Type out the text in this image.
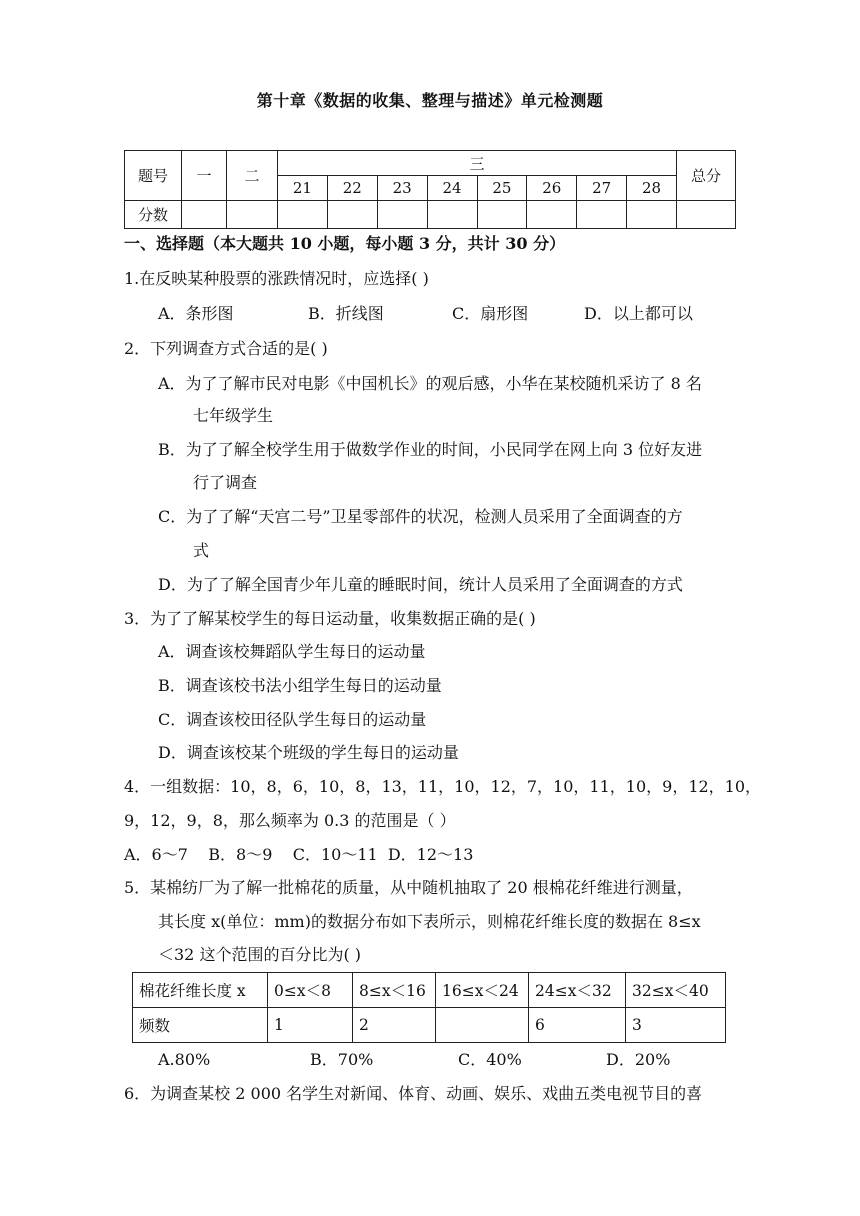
第十章《数据的收集、整理与描述》单元检测题
题号	一	二	三								总分
			21	22	23	24	25	26	27	28	
分数											
一、选择题（本大题共 10 小题，每小题 3 分，共计 30 分）
1.在反映某种股票的涨跌情况时，应选择( )
A．条形图	B．折线图	C．扇形图	D．以上都可以
2．下列调查方式合适的是( )
A．为了了解市民对电影《中国机长》的观后感，小华在某校随机采访了 8 名
七年级学生
B．为了了解全校学生用于做数学作业的时间，小民同学在网上向 3 位好友进
行了调查
C．为了了解“天宫二号”卫星零部件的状况，检测人员采用了全面调查的方
式
D．为了了解全国青少年儿童的睡眠时间，统计人员采用了全面调查的方式
3．为了了解某校学生的每日运动量，收集数据正确的是( )
A．调查该校舞蹈队学生每日的运动量
B．调查该校书法小组学生每日的运动量
C．调查该校田径队学生每日的运动量
D．调查该校某个班级的学生每日的运动量
4．一组数据：10，8，6，10，8，13，11，10，12，7，10，11，10，9，12，10，
9，12，9，8，那么频率为 0.3 的范围是（ ）
A．6～7    B．8～9    C．10～11  D．12～13
5．某棉纺厂为了解一批棉花的质量，从中随机抽取了 20 根棉花纤维进行测量，
其长度 x(单位：mm)的数据分布如下表所示，则棉花纤维长度的数据在 8≤x
＜32 这个范围的百分比为( )
棉花纤维长度 x	0≤x＜8	8≤x＜16	16≤x＜24	24≤x＜32	32≤x＜40
频数	1	2		6	3
A.80%	B．70%	C．40%	D．20%
6．为调查某校 2 000 名学生对新闻、体育、动画、娱乐、戏曲五类电视节目的喜
